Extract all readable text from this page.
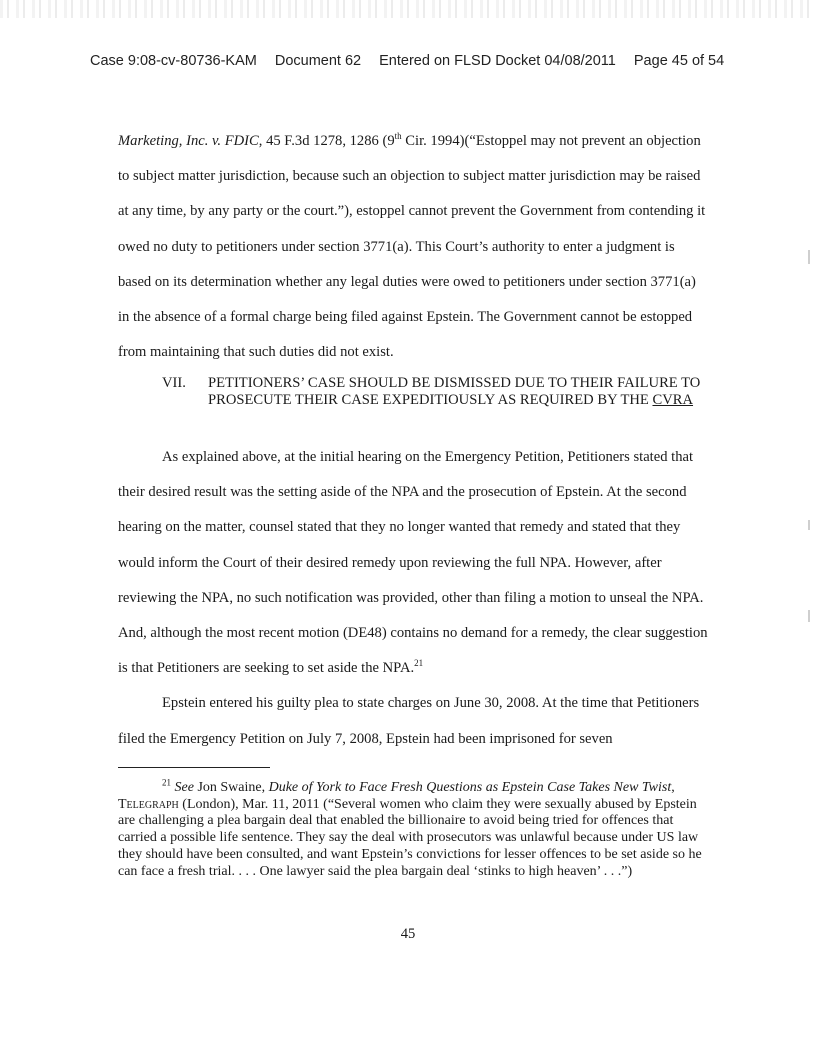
Case 9:08-cv-80736-KAM Document 62 Entered on FLSD Docket 04/08/2011 Page 45 of 54

Marketing, Inc. v. FDIC, 45 F.3d 1278, 1286 (9th Cir. 1994)(“Estoppel may not prevent an objection to subject matter jurisdiction, because such an objection to subject matter jurisdiction may be raised at any time, by any party or the court.”), estoppel cannot prevent the Government from contending it owed no duty to petitioners under section 3771(a). This Court’s authority to enter a judgment is based on its determination whether any legal duties were owed to petitioners under section 3771(a) in the absence of a formal charge being filed against Epstein. The Government cannot be estopped from maintaining that such duties did not exist.

VII.	PETITIONERS’ CASE SHOULD BE DISMISSED DUE TO THEIR FAILURE TO PROSECUTE THEIR CASE EXPEDITIOUSLY AS REQUIRED BY THE CVRA

As explained above, at the initial hearing on the Emergency Petition, Petitioners stated that their desired result was the setting aside of the NPA and the prosecution of Epstein. At the second hearing on the matter, counsel stated that they no longer wanted that remedy and stated that they would inform the Court of their desired remedy upon reviewing the full NPA. However, after reviewing the NPA, no such notification was provided, other than filing a motion to unseal the NPA. And, although the most recent motion (DE48) contains no demand for a remedy, the clear suggestion is that Petitioners are seeking to set aside the NPA.$^{21}$

Epstein entered his guilty plea to state charges on June 30, 2008. At the time that Petitioners filed the Emergency Petition on July 7, 2008, Epstein had been imprisoned for seven

$^{21}$ See Jon Swaine, Duke of York to Face Fresh Questions as Epstein Case Takes New Twist, Telegraph (London), Mar. 11, 2011 (“Several women who claim they were sexually abused by Epstein are challenging a plea bargain deal that enabled the billionaire to avoid being tried for offences that carried a possible life sentence. They say the deal with prosecutors was unlawful because under US law they should have been consulted, and want Epstein’s convictions for lesser offences to be set aside so he can face a fresh trial. . . . One lawyer said the plea bargain deal ‘stinks to high heaven’ . . .”)

45
